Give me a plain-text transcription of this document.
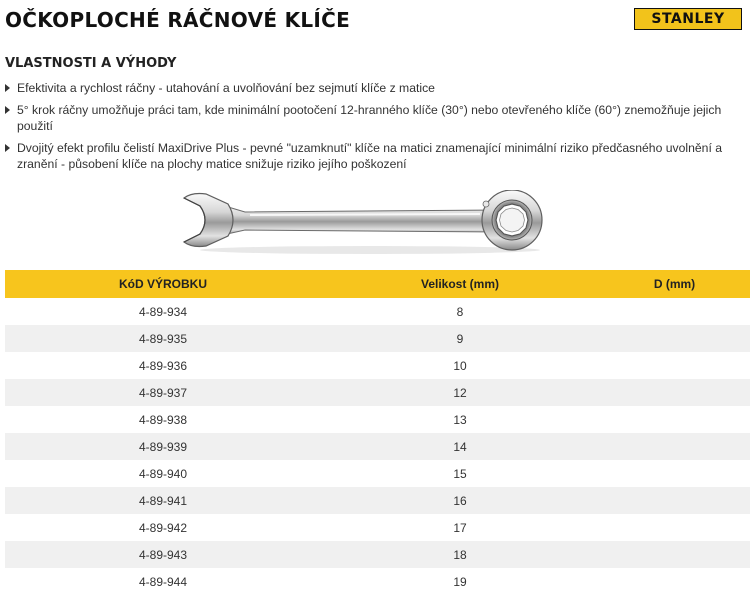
OČKOPLOCHÉ RÁČNOVÉ KLÍČE	STANLEY
VLASTNOSTI A VÝHODY
Efektivita a rychlost ráčny - utahování a uvolňování bez sejmutí klíče z matice
5° krok ráčny umožňuje práci tam, kde minimální pootočení 12-hranného klíče (30°) nebo otevřeného klíče (60°) znemožňuje jejich použití
Dvojitý efekt profilu čelistí MaxiDrive Plus - pevné "uzamknutí" klíče na matici znamenající minimální riziko předčasného uvolnění a zranění - působení klíče na plochy matice snižuje riziko jejího poškození
KóD VÝROBKU	Velikost (mm)	D (mm)
4-89-934	8	
4-89-935	9	
4-89-936	10	
4-89-937	12	
4-89-938	13	
4-89-939	14	
4-89-940	15	
4-89-941	16	
4-89-942	17	
4-89-943	18	
4-89-944	19	
